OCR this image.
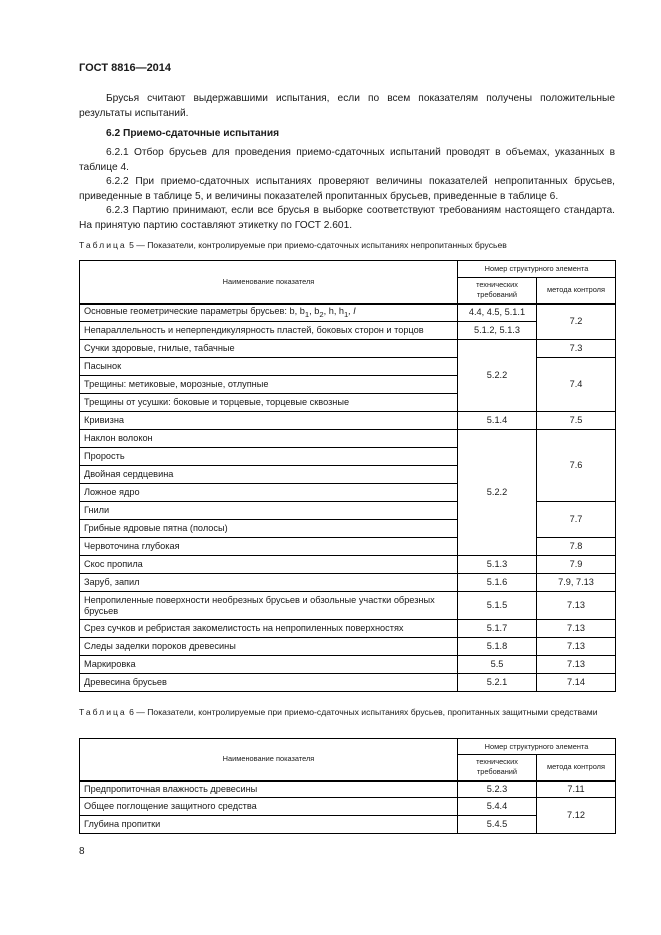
ГОСТ 8816—2014

Брусья считают выдержавшими испытания, если по всем показателям получены положительные результаты испытаний.

6.2 Приемо-сдаточные испытания

6.2.1 Отбор брусьев для проведения приемо-сдаточных испытаний проводят в объемах, указанных в таблице 4.

6.2.2 При приемо-сдаточных испытаниях проверяют величины показателей непропитанных брусьев, приведенные в таблице 5, и величины показателей пропитанных брусьев, приведенные в таблице 6.

6.2.3 Партию принимают, если все брусья в выборке соответствуют требованиям настоящего стандарта. На принятую партию составляют этикетку по ГОСТ 2.601.

Таблица 5 — Показатели, контролируемые при приемо-сдаточных испытаниях непропитанных брусьев
Наименование показателя	Номер структурного элемента	
	технических требований	метода контроля
Основные геометрические параметры брусьев: b, $b_1$, $b_2$, h, $h_1$, l	4.4, 4.5, 5.1.1	7.2
Непараллельность и неперпендикулярность пластей, боковых сторон и торцов	5.1.2, 5.1.3	
Сучки здоровые, гнилые, табачные	5.2.2	7.3
Пасынок		7.4
Трещины: метиковые, морозные, отлупные		
Трещины от усушки: боковые и торцевые, торцевые сквозные		
Кривизна	5.1.4	7.5
Наклон волокон	5.2.2	7.6
Прорость		
Двойная сердцевина		
Ложное ядро		
Гнили		7.7
Грибные ядровые пятна (полосы)		
Червоточина глубокая		7.8
Скос пропила	5.1.3	7.9
Заруб, запил	5.1.6	7.9, 7.13
Непропиленные поверхности необрезных брусьев и обзольные участки обрезных брусьев	5.1.5	7.13
Срез сучков и ребристая закомелистость на непропиленных поверхностях	5.1.7	7.13
Следы заделки пороков древесины	5.1.8	7.13
Маркировка	5.5	7.13
Древесина брусьев	5.2.1	7.14
Таблица 6 — Показатели, контролируемые при приемо-сдаточных испытаниях брусьев, пропитанных защитными средствами
Наименование показателя	Номер структурного элемента	
	технических требований	метода контроля
Предпропиточная влажность древесины	5.2.3	7.11
Общее поглощение защитного средства	5.4.4	7.12
Глубина пропитки	5.4.5	
8
